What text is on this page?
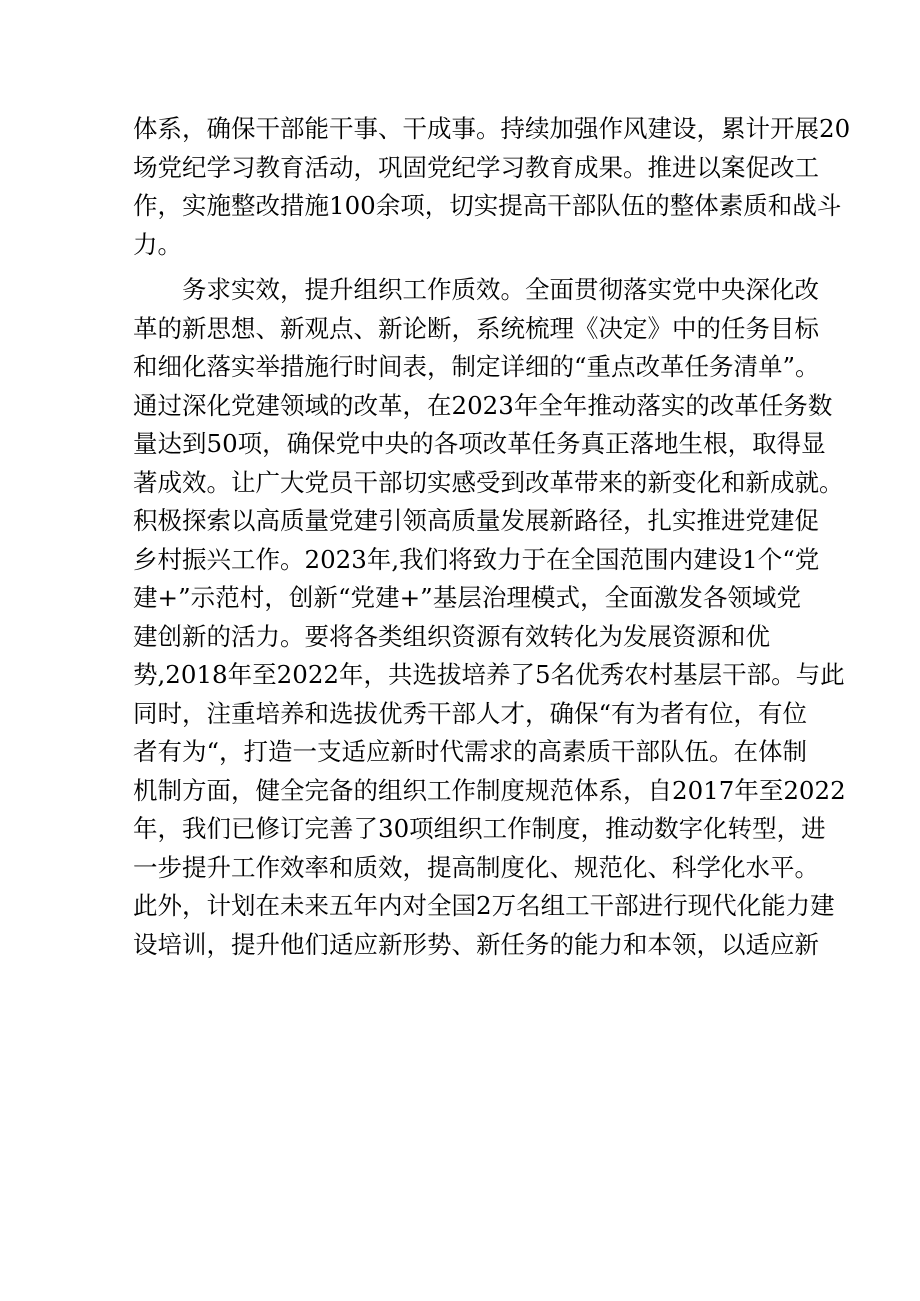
体系，确保干部能干事、干成事。持续加强作风建设，累计开展20
场党纪学习教育活动，巩固党纪学习教育成果。推进以案促改工
作，实施整改措施100余项，切实提高干部队伍的整体素质和战斗
力。
务求实效，提升组织工作质效。全面贯彻落实党中央深化改
革的新思想、新观点、新论断，系统梳理《决定》中的任务目标
和细化落实举措施行时间表，制定详细的“重点改革任务清单”。
通过深化党建领域的改革，在2023年全年推动落实的改革任务数
量达到50项，确保党中央的各项改革任务真正落地生根，取得显
著成效。让广大党员干部切实感受到改革带来的新变化和新成就。
积极探索以高质量党建引领高质量发展新路径，扎实推进党建促
乡村振兴工作。2023年,我们将致力于在全国范围内建设1个“党
建+”示范村，创新“党建+”基层治理模式，全面激发各领域党
建创新的活力。要将各类组织资源有效转化为发展资源和优
势,2018年至2022年，共选拔培养了5名优秀农村基层干部。与此
同时，注重培养和选拔优秀干部人才，确保“有为者有位，有位
者有为“，打造一支适应新时代需求的高素质干部队伍。在体制
机制方面，健全完备的组织工作制度规范体系，自2017年至2022
年，我们已修订完善了30项组织工作制度，推动数字化转型，进
一步提升工作效率和质效，提高制度化、规范化、科学化水平。
此外，计划在未来五年内对全国2万名组工干部进行现代化能力建
设培训，提升他们适应新形势、新任务的能力和本领，以适应新
